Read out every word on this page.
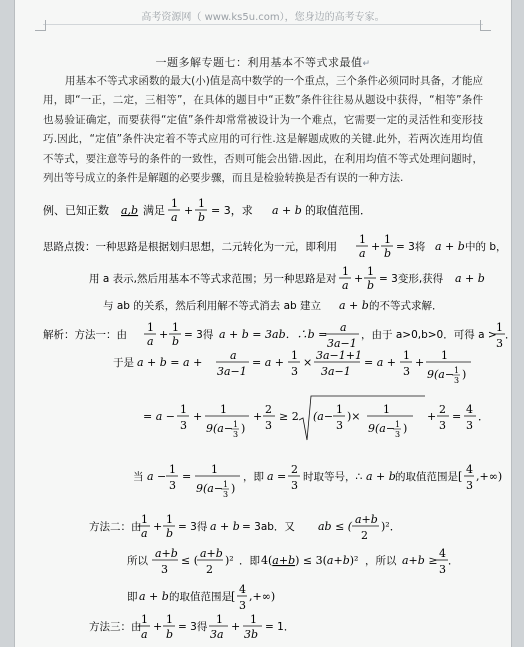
高考资源网（ www.ks5u.com），您身边的高考专家。
一题多解专题七：利用基本不等式求最值↵
用基本不等式求函数的最大(小)值是高中数学的一个重点，三个条件必须同时具备，才能应用，即“一正，二定，三相等”，在具体的题目中“正数”条件往往易从题设中获得，“相等”条件也易验证确定，而要获得“定值”条件却常常被设计为一个难点，它需要一定的灵活性和变形技巧.因此，“定值”条件决定着不等式应用的可行性.这是解题成败的关键.此外，若两次连用均值不等式，要注意等号的条件的一致性，否则可能会出错.因此，在利用均值不等式处理问题时，列出等号成立的条件是解题的必要步骤，而且是检验转换是否有误的一种方法.
例、已知正数 a,b 满足
1
a
+
1
b
= 3，求 a + b 的取值范围．
思路点拨：一种思路是根据划归思想，二元转化为一元，即利用
1
a
+
1
b = 3将 a + b 中的 b，
用 a 表示,然后用基本不等式求范围；另一种思路是对
1
a
+
1
b = 3变形,获得 a + b
与 ab 的关系，然后利用解不等式消去 ab 建立 a + b 的不等式求解．
解析：方法一：由
1
a
+
1
b = 3得 a + b = 3ab．∴b =
a
3a−1
，由于 a>0,b>0．可得 a >
1
3
．
于是 a + b = a +
a
3a−1
= a +
1
3
×
3a−1+1
3a−1
= a +
1
3
+
1
9(a− 1
3 )
= a −
1
3
+
1
9(a− 1
3 )
+
2
3
≥ 2 (a−
1
3
)×
1
9(a− 1
3 )
+
2
3
=
4
3
．
当 a −
1
3
=
1
9(a− 1
3 )
，即 a =
2
3
时取等号，∴ a + b 的取值范围是 [
4
3
,+∞)
方法二：由
1
a
+
1
b = 3得 a + b = 3ab．又 ab ≤ (
a+b
2
)²．
所以
a+b
3
≤ (
a+b
2
)² ．即 4(a+b) ≤ 3(a+b)² ，所以 a+b ≥
4
3
．
即 a + b 的取值范围是 [
4
3
,+∞)
方法三：由
1
a
+
1
b
= 3得
1
3a
+
1
3b
= 1．
